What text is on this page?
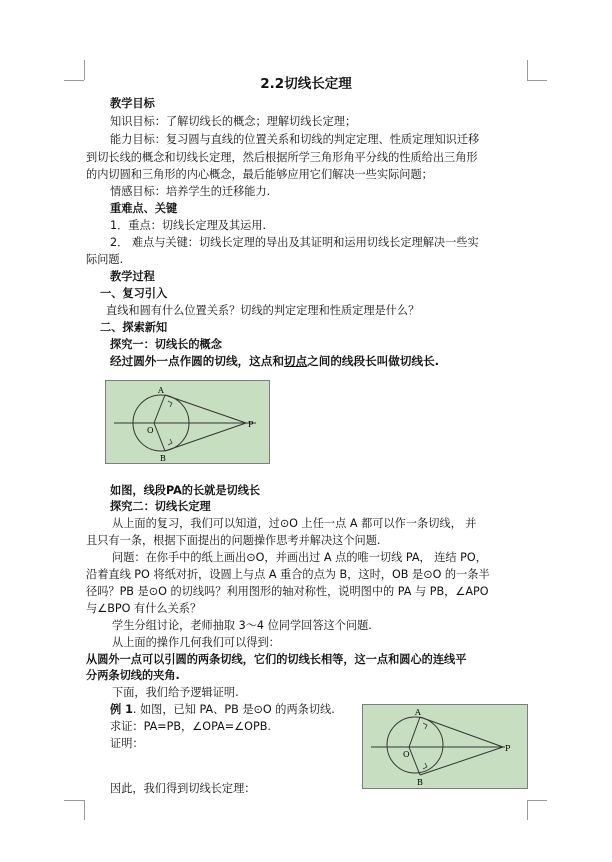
2.2切线长定理
教学目标
知识目标：了解切线长的概念；理解切线长定理；
能力目标：复习圆与直线的位置关系和切线的判定定理、性质定理知识迁移
到切长线的概念和切线长定理，然后根据所学三角形角平分线的性质给出三角形
的内切圆和三角形的内心概念，最后能够应用它们解决一些实际问题；
情感目标：培养学生的迁移能力.
重难点、关键
1．重点：切线长定理及其运用.
2． 难点与关键：切线长定理的导出及其证明和运用切线长定理解决一些实
际问题.
教学过程
一、复习引入
直线和圆有什么位置关系？切线的判定定理和性质定理是什么？
二、探索新知
探究一：切线长的概念
经过圆外一点作圆的切线，这点和切点之间的线段长叫做切线长.
A
O
B
P
如图，线段PA的长就是切线长
探究二：切线长定理
从上面的复习，我们可以知道，过⊙O 上任一点 A 都可以作一条切线， 并
且只有一条，根据下面提出的问题操作思考并解决这个问题.
问题：在你手中的纸上画出⊙O，并画出过 A 点的唯一切线 PA， 连结 PO，
沿着直线 PO 将纸对折，设圆上与点 A 重合的点为 B，这时，OB 是⊙O 的一条半
径吗？PB 是⊙O 的切线吗？利用图形的轴对称性，说明图中的 PA 与 PB，∠APO
与∠BPO 有什么关系？
学生分组讨论，老师抽取 3～4 位同学回答这个问题.
从上面的操作几何我们可以得到：
从圆外一点可以引圆的两条切线，它们的切线长相等，这一点和圆心的连线平
分两条切线的夹角.
下面，我们给予逻辑证明.
例 1. 如图，已知 PA、PB 是⊙O 的两条切线.
求证：PA=PB，∠OPA=∠OPB.
证明：
因此，我们得到切线长定理：
A
O
B
P
